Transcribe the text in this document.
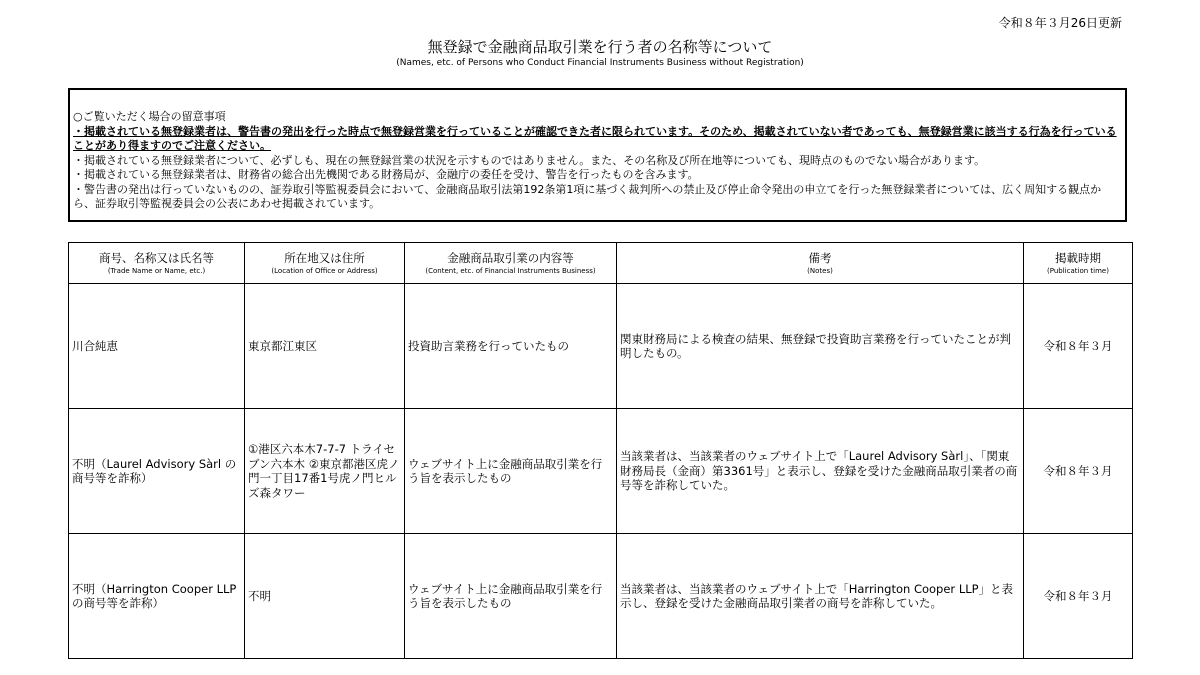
令和８年３月26日更新
無登録で金融商品取引業を行う者の名称等について
(Names, etc. of Persons who Conduct Financial Instruments Business without Registration)
○ご覧いただく場合の留意事項
・掲載されている無登録業者は、警告書の発出を行った時点で無登録営業を行っていることが確認できた者に限られています。そのため、掲載されていない者であっても、無登録営業に該当する行為を行っていることがあり得ますのでご注意ください。
・掲載されている無登録業者について、必ずしも、現在の無登録営業の状況を示すものではありません。また、その名称及び所在地等についても、現時点のものでない場合があります。
・掲載されている無登録業者は、財務省の総合出先機関である財務局が、金融庁の委任を受け、警告を行ったものを含みます。
・警告書の発出は行っていないものの、証券取引等監視委員会において、金融商品取引法第192条第1項に基づく裁判所への禁止及び停止命令発出の申立てを行った無登録業者については、広く周知する観点から、証券取引等監視委員会の公表にあわせ掲載されています。
商号、名称又は氏名等
(Trade Name or Name, etc.)	所在地又は住所
(Location of Office or Address)	金融商品取引業の内容等
(Content, etc. of Financial Instruments Business)	備考
(Notes)	掲載時期
(Publication time)

川合純恵	東京都江東区	投資助言業務を行っていたもの	関東財務局による検査の結果、無登録で投資助言業務を行っていたことが判明したもの。	令和８年３月
不明（Laurel Advisory Sàrl の商号等を詐称）	①港区六本木7-7-7 トライセブン六本木 ②東京都港区虎ノ門一丁目17番1号虎ノ門ヒルズ森タワー	ウェブサイト上に金融商品取引業を行う旨を表示したもの	当該業者は、当該業者のウェブサイト上で「Laurel Advisory Sàrl」、「関東財務局長（金商）第3361号」と表示し、登録を受けた金融商品取引業者の商号等を詐称していた。	令和８年３月
不明（Harrington Cooper LLP の商号等を詐称）	不明	ウェブサイト上に金融商品取引業を行う旨を表示したもの	当該業者は、当該業者のウェブサイト上で「Harrington Cooper LLP」と表示し、登録を受けた金融商品取引業者の商号を詐称していた。	令和８年３月
